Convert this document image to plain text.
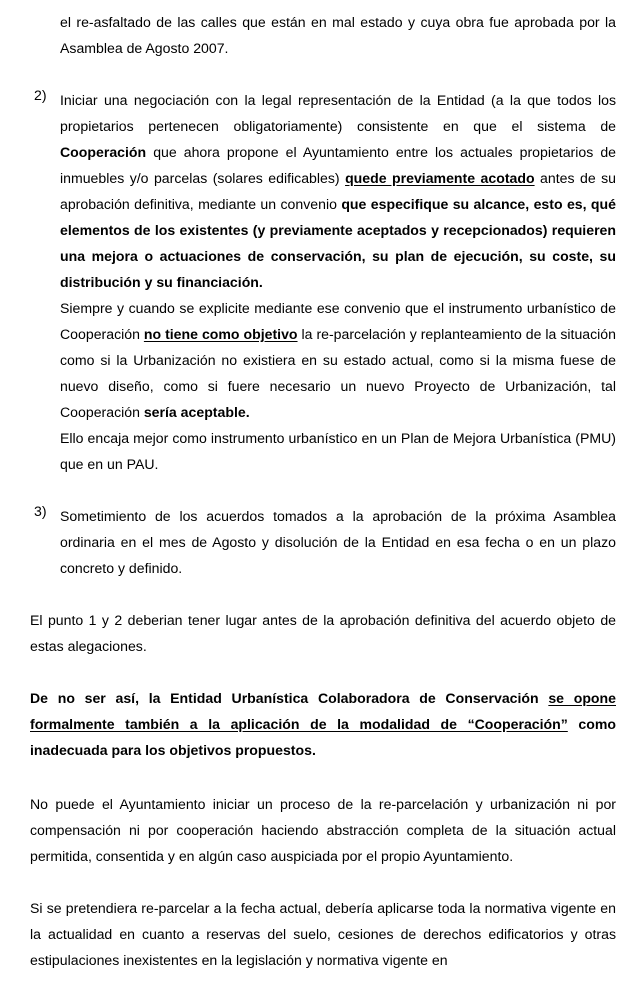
el re-asfaltado de las calles que están en mal estado y cuya obra fue aprobada por la Asamblea de Agosto 2007.

2) Iniciar una negociación con la legal representación de la Entidad (a la que todos los propietarios pertenecen obligatoriamente) consistente en que el sistema de Cooperación que ahora propone el Ayuntamiento entre los actuales propietarios de inmuebles y/o parcelas (solares edificables) quede previamente acotado antes de su aprobación definitiva, mediante un convenio que especifique su alcance, esto es, qué elementos de los existentes (y previamente aceptados y recepcionados) requieren una mejora o actuaciones de conservación, su plan de ejecución, su coste, su distribución y su financiación.

Siempre y cuando se explicite mediante ese convenio que el instrumento urbanístico de Cooperación no tiene como objetivo la re-parcelación y replanteamiento de la situación como si la Urbanización no existiera en su estado actual, como si la misma fuese de nuevo diseño, como si fuere necesario un nuevo Proyecto de Urbanización, tal Cooperación sería aceptable.

Ello encaja mejor como instrumento urbanístico en un Plan de Mejora Urbanística (PMU) que en un PAU.

3) Sometimiento de los acuerdos tomados a la aprobación de la próxima Asamblea ordinaria en el mes de Agosto y disolución de la Entidad en esa fecha o en un plazo concreto y definido.

El punto 1 y 2 deberian tener lugar antes de la aprobación definitiva del acuerdo objeto de estas alegaciones.

De no ser así, la Entidad Urbanística Colaboradora de Conservación se opone formalmente también a la aplicación de la modalidad de “Cooperación” como inadecuada para los objetivos propuestos.

No puede el Ayuntamiento iniciar un proceso de la re-parcelación y urbanización ni por compensación ni por cooperación haciendo abstracción completa de la situación actual permitida, consentida y en algún caso auspiciada por el propio Ayuntamiento.

Si se pretendiera re-parcelar a la fecha actual, debería aplicarse toda la normativa vigente en la actualidad en cuanto a reservas del suelo, cesiones de derechos edificatorios y otras estipulaciones inexistentes en la legislación y normativa vigente en
